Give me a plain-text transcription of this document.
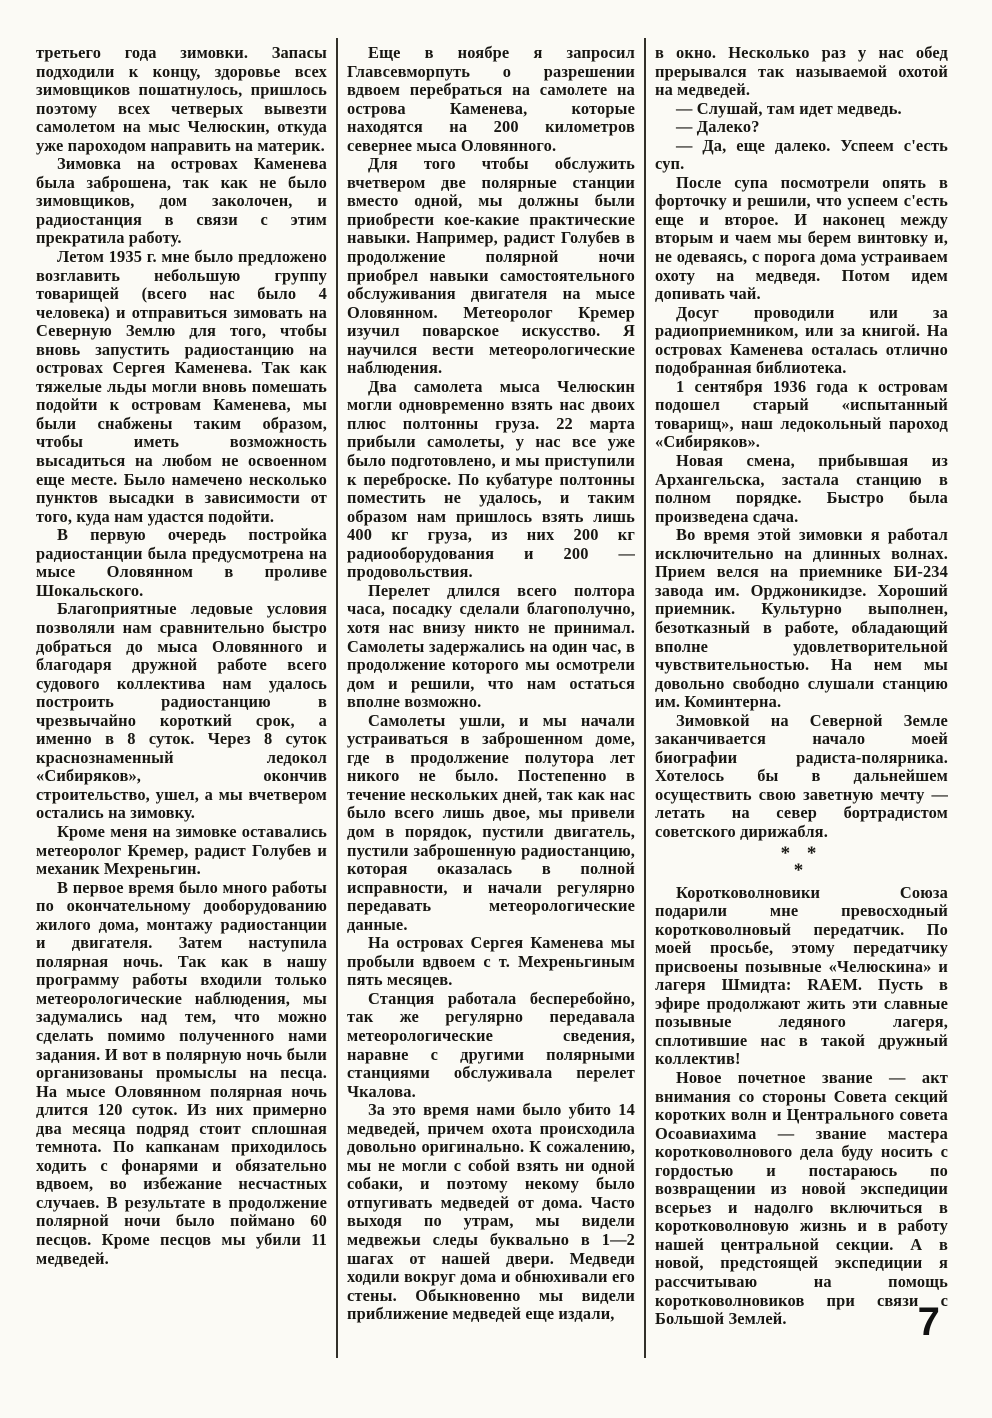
третьего года зимовки. Запасы подходили к концу, здоровье всех зимовщиков пошатнулось, пришлось поэтому всех четверых вывезти самолетом на мыс Челюскин, откуда уже пароходом направить на материк.

Зимовка на островах Каменева была заброшена, так как не было зимовщиков, дом заколочен, и радиостанция в связи с этим прекратила работу.

Летом 1935 г. мне было предложено возглавить небольшую группу товарищей (всего нас было 4 человека) и отправиться зимовать на Северную Землю для того, чтобы вновь запустить радиостанцию на островах Сергея Каменева. Так как тяжелые льды могли вновь помешать подойти к островам Каменева, мы были снабжены таким образом, чтобы иметь возможность высадиться на любом не освоенном еще месте. Было намечено несколько пунктов высадки в зависимости от того, куда нам удастся подойти.

В первую очередь постройка радиостанции была предусмотрена на мысе Оловянном в проливе Шокальского.

Благоприятные ледовые условия позволяли нам сравнительно быстро добраться до мыса Оловянного и благодаря дружной работе всего судового коллектива нам удалось построить радиостанцию в чрезвычайно короткий срок, а именно в 8 суток. Через 8 суток краснознаменный ледокол «Сибиряков», окончив строительство, ушел, а мы вчетвером остались на зимовку.

Кроме меня на зимовке оставались метеоролог Кремер, радист Голубев и механик Мехреньгин.

В первое время было много работы по окончательному дооборудованию жилого дома, монтажу радиостанции и двигателя. Затем наступила полярная ночь. Так как в нашу программу работы входили только метеорологические наблюдения, мы задумались над тем, что можно сделать помимо полученного нами задания. И вот в полярную ночь были организованы промыслы на песца. На мысе Оловянном полярная ночь длится 120 суток. Из них примерно два месяца подряд стоит сплошная темнота. По капканам приходилось ходить с фонарями и обязательно вдвоем, во избежание несчастных случаев. В результате в продолжение полярной ночи было поймано 60 песцов. Кроме песцов мы убили 11 медведей.

Еще в ноябре я запросил Главсевморпуть о разрешении вдвоем перебраться на самолете на острова Каменева, которые находятся на 200 километров севернее мыса Оловянного.

Для того чтобы обслужить вчетвером две полярные станции вместо одной, мы должны были приобрести кое-какие практические навыки. Например, радист Голубев в продолжение полярной ночи приобрел навыки самостоятельного обслуживания двигателя на мысе Оловянном. Метеоролог Кремер изучил поварское искусство. Я научился вести метеорологические наблюдения.

Два самолета мыса Челюскин могли одновременно взять нас двоих плюс полтонны груза. 22 марта прибыли самолеты, у нас все уже было подготовлено, и мы приступили к переброске. По кубатуре полтонны поместить не удалось, и таким образом нам пришлось взять лишь 400 кг груза, из них 200 кг радиооборудования и 200 — продовольствия.

Перелет длился всего полтора часа, посадку сделали благополучно, хотя нас внизу никто не принимал. Самолеты задержались на один час, в продолжение которого мы осмотрели дом и решили, что нам остаться вполне возможно.

Самолеты ушли, и мы начали устраиваться в заброшенном доме, где в продолжение полутора лет никого не было. Постепенно в течение нескольких дней, так как нас было всего лишь двое, мы привели дом в порядок, пустили двигатель, пустили заброшенную радиостанцию, которая оказалась в полной исправности, и начали регулярно передавать метеорологические данные.

На островах Сергея Каменева мы пробыли вдвоем с т. Мехреньгиным пять месяцев.

Станция работала бесперебойно, так же регулярно передавала метеорологические сведения, наравне с другими полярными станциями обслуживала перелет Чкалова.

За это время нами было убито 14 медведей, причем охота происходила довольно оригинально. К сожалению, мы не могли с собой взять ни одной собаки, и поэтому некому было отпугивать медведей от дома. Часто выходя по утрам, мы видели медвежьи следы буквально в 1—2 шагах от нашей двери. Медведи ходили вокруг дома и обнюхивали его стены. Обыкновенно мы видели приближение медведей еще издали,

в окно. Несколько раз у нас обед прерывался так называемой охотой на медведей.

— Слушай, там идет медведь.

— Далеко?

— Да, еще далеко. Успеем с'есть суп.

После супа посмотрели опять в форточку и решили, что успеем с'есть еще и второе. И наконец между вторым и чаем мы берем винтовку и, не одеваясь, с порога дома устраиваем охоту на медведя. Потом идем допивать чай.

Досуг проводили или за радиоприемником, или за книгой. На островах Каменева осталась отлично подобранная библиотека.

1 сентября 1936 года к островам подошел старый «испытанный товарищ», наш ледокольный пароход «Сибиряков».

Новая смена, прибывшая из Архангельска, застала станцию в полном порядке. Быстро была произведена сдача.

Во время этой зимовки я работал исключительно на длинных волнах. Прием велся на приемнике БИ-234 завода им. Орджоникидзе. Хороший приемник. Культурно выполнен, безотказный в работе, обладающий вполне удовлетворительной чувствительностью. На нем мы довольно свободно слушали станцию им. Коминтерна.

Зимовкой на Северной Земле заканчивается начало моей биографии радиста-полярника. Хотелось бы в дальнейшем осуществить свою заветную мечту — летать на север бортрадистом советского дирижабля.

* *
*

Коротковолновики Союза подарили мне превосходный коротковолновый передатчик. По моей просьбе, этому передатчику присвоены позывные «Челюскина» и лагеря Шмидта: RAEM. Пусть в эфире продолжают жить эти славные позывные ледяного лагеря, сплотившие нас в такой дружный коллектив!

Новое почетное звание — акт внимания со стороны Совета секций коротких волн и Центрального совета Осоавиахима — звание мастера коротковолнового дела буду носить с гордостью и постараюсь по возвращении из новой экспедиции всерьез и надолго включиться в коротковолновую жизнь и в работу нашей центральной секции. А в новой, предстоящей экспедиции я рассчитываю на помощь коротковолновиков при связи с Большой Землей.	7
